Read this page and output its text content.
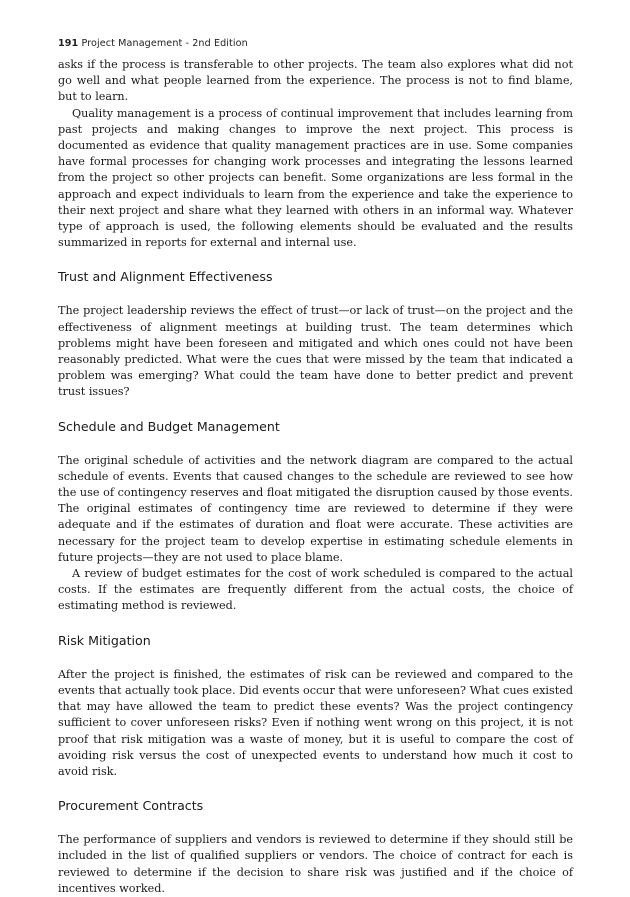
191 Project Management - 2nd Edition

asks if the process is transferable to other projects. The team also explores what did not go well and what people learned from the experience. The process is not to find blame, but to learn.

Quality management is a process of continual improvement that includes learning from past projects and making changes to improve the next project. This process is documented as evidence that quality management practices are in use. Some companies have formal processes for changing work processes and integrating the lessons learned from the project so other projects can benefit. Some organizations are less formal in the approach and expect individuals to learn from the experience and take the experience to their next project and share what they learned with others in an informal way. Whatever type of approach is used, the following elements should be evaluated and the results summarized in reports for external and internal use.

Trust and Alignment Effectiveness

The project leadership reviews the effect of trust—or lack of trust—on the project and the effectiveness of alignment meetings at building trust. The team determines which problems might have been foreseen and mitigated and which ones could not have been reasonably predicted. What were the cues that were missed by the team that indicated a problem was emerging? What could the team have done to better predict and prevent trust issues?

Schedule and Budget Management

The original schedule of activities and the network diagram are compared to the actual schedule of events. Events that caused changes to the schedule are reviewed to see how the use of contingency reserves and float mitigated the disruption caused by those events. The original estimates of contingency time are reviewed to determine if they were adequate and if the estimates of duration and float were accurate. These activities are necessary for the project team to develop expertise in estimating schedule elements in future projects—they are not used to place blame.

A review of budget estimates for the cost of work scheduled is compared to the actual costs. If the estimates are frequently different from the actual costs, the choice of estimating method is reviewed.

Risk Mitigation

After the project is finished, the estimates of risk can be reviewed and compared to the events that actually took place. Did events occur that were unforeseen? What cues existed that may have allowed the team to predict these events? Was the project contingency sufficient to cover unforeseen risks? Even if nothing went wrong on this project, it is not proof that risk mitigation was a waste of money, but it is useful to compare the cost of avoiding risk versus the cost of unexpected events to understand how much it cost to avoid risk.

Procurement Contracts

The performance of suppliers and vendors is reviewed to determine if they should still be included in the list of qualified suppliers or vendors. The choice of contract for each is reviewed to determine if the decision to share risk was justified and if the choice of incentives worked.
